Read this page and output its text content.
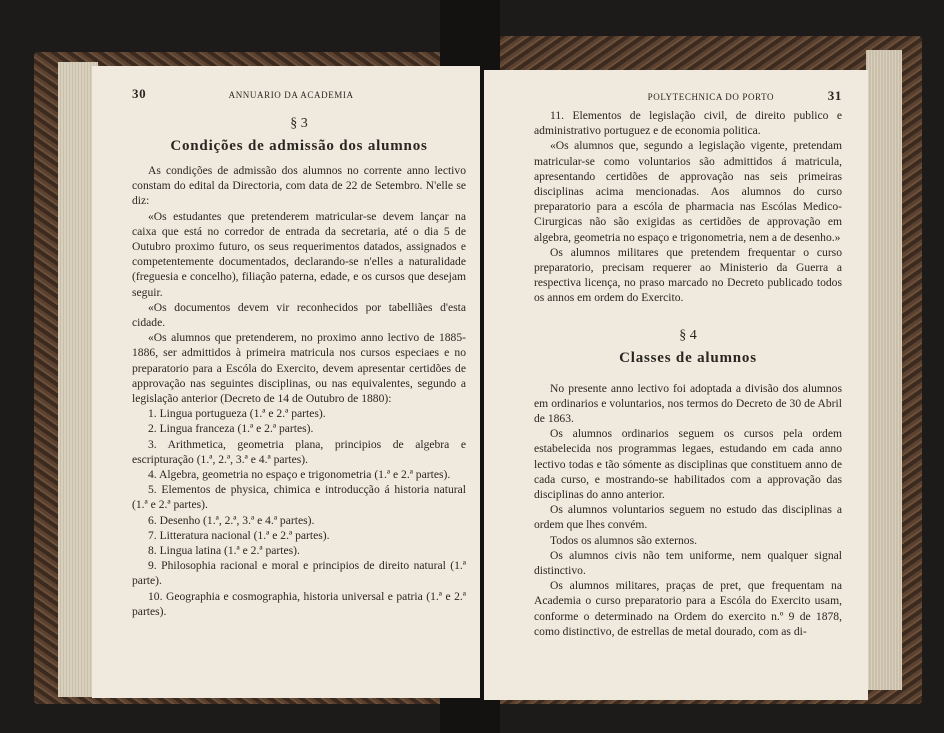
30	ANNUARIO DA ACADEMIA
§ 3
Condições de admissão dos alumnos

As condições de admissão dos alumnos no corrente anno lectivo constam do edital da Directoria, com data de 22 de Setembro. N'elle se diz:

«Os estudantes que pretenderem matricular-se devem lançar na caixa que está no corredor de entrada da secretaria, até o dia 5 de Outubro proximo futuro, os seus requerimentos datados, assignados e competentemente documentados, declarando-se n'elles a naturalidade (freguesia e concelho), filiação paterna, edade, e os cursos que desejam seguir.

«Os documentos devem vir reconhecidos por tabelliães d'esta cidade.

«Os alumnos que pretenderem, no proximo anno lectivo de 1885-1886, ser admittidos à primeira matricula nos cursos especiaes e no preparatorio para a Escóla do Exercito, devem apresentar certidões de approvação nas seguintes disciplinas, ou nas equivalentes, segundo a legislação anterior (Decreto de 14 de Outubro de 1880):

1. Lingua portugueza (1.ª e 2.ª partes).

2. Lingua franceza (1.ª e 2.ª partes).

3. Arithmetica, geometria plana, principios de algebra e escripturação (1.ª, 2.ª, 3.ª e 4.ª partes).

4. Algebra, geometria no espaço e trigonometria (1.ª e 2.ª partes).

5. Elementos de physica, chimica e introducção á historia natural (1.ª e 2.ª partes).

6. Desenho (1.ª, 2.ª, 3.ª e 4.ª partes).

7. Litteratura nacional (1.ª e 2.ª partes).

8. Lingua latina (1.ª e 2.ª partes).

9. Philosophia racional e moral e principios de direito natural (1.ª parte).

10. Geographia e cosmographia, historia universal e patria (1.ª e 2.ª partes).

POLYTECHNICA DO PORTO	31

11. Elementos de legislação civil, de direito publico e administrativo portuguez e de economia politica.

«Os alumnos que, segundo a legislação vigente, pretendam matricular-se como voluntarios são admittidos á matricula, apresentando certidões de approvação nas seis primeiras disciplinas acima mencionadas. Aos alumnos do curso preparatorio para a escóla de pharmacia nas Escólas Medico-Cirurgicas não são exigidas as certidões de approvação em algebra, geometria no espaço e trigonometria, nem a de desenho.»

Os alumnos militares que pretendem frequentar o curso preparatorio, precisam requerer ao Ministerio da Guerra a respectiva licença, no praso marcado no Decreto publicado todos os annos em ordem do Exercito.

§ 4
Classes de alumnos

No presente anno lectivo foi adoptada a divisão dos alumnos em ordinarios e voluntarios, nos termos do Decreto de 30 de Abril de 1863.

Os alumnos ordinarios seguem os cursos pela ordem estabelecida nos programmas legaes, estudando em cada anno lectivo todas e tão sómente as disciplinas que constituem anno de cada curso, e mostrando-se habilitados com a approvação das disciplinas do anno anterior.

Os alumnos voluntarios seguem no estudo das disciplinas a ordem que lhes convém.

Todos os alumnos são externos.

Os alumnos civis não tem uniforme, nem qualquer signal distinctivo.

Os alumnos militares, praças de pret, que frequentam na Academia o curso preparatorio para a Escóla do Exercito usam, conforme o determinado na Ordem do exercito n.º 9 de 1878, como distinctivo, de estrellas de metal dourado, com as di-
